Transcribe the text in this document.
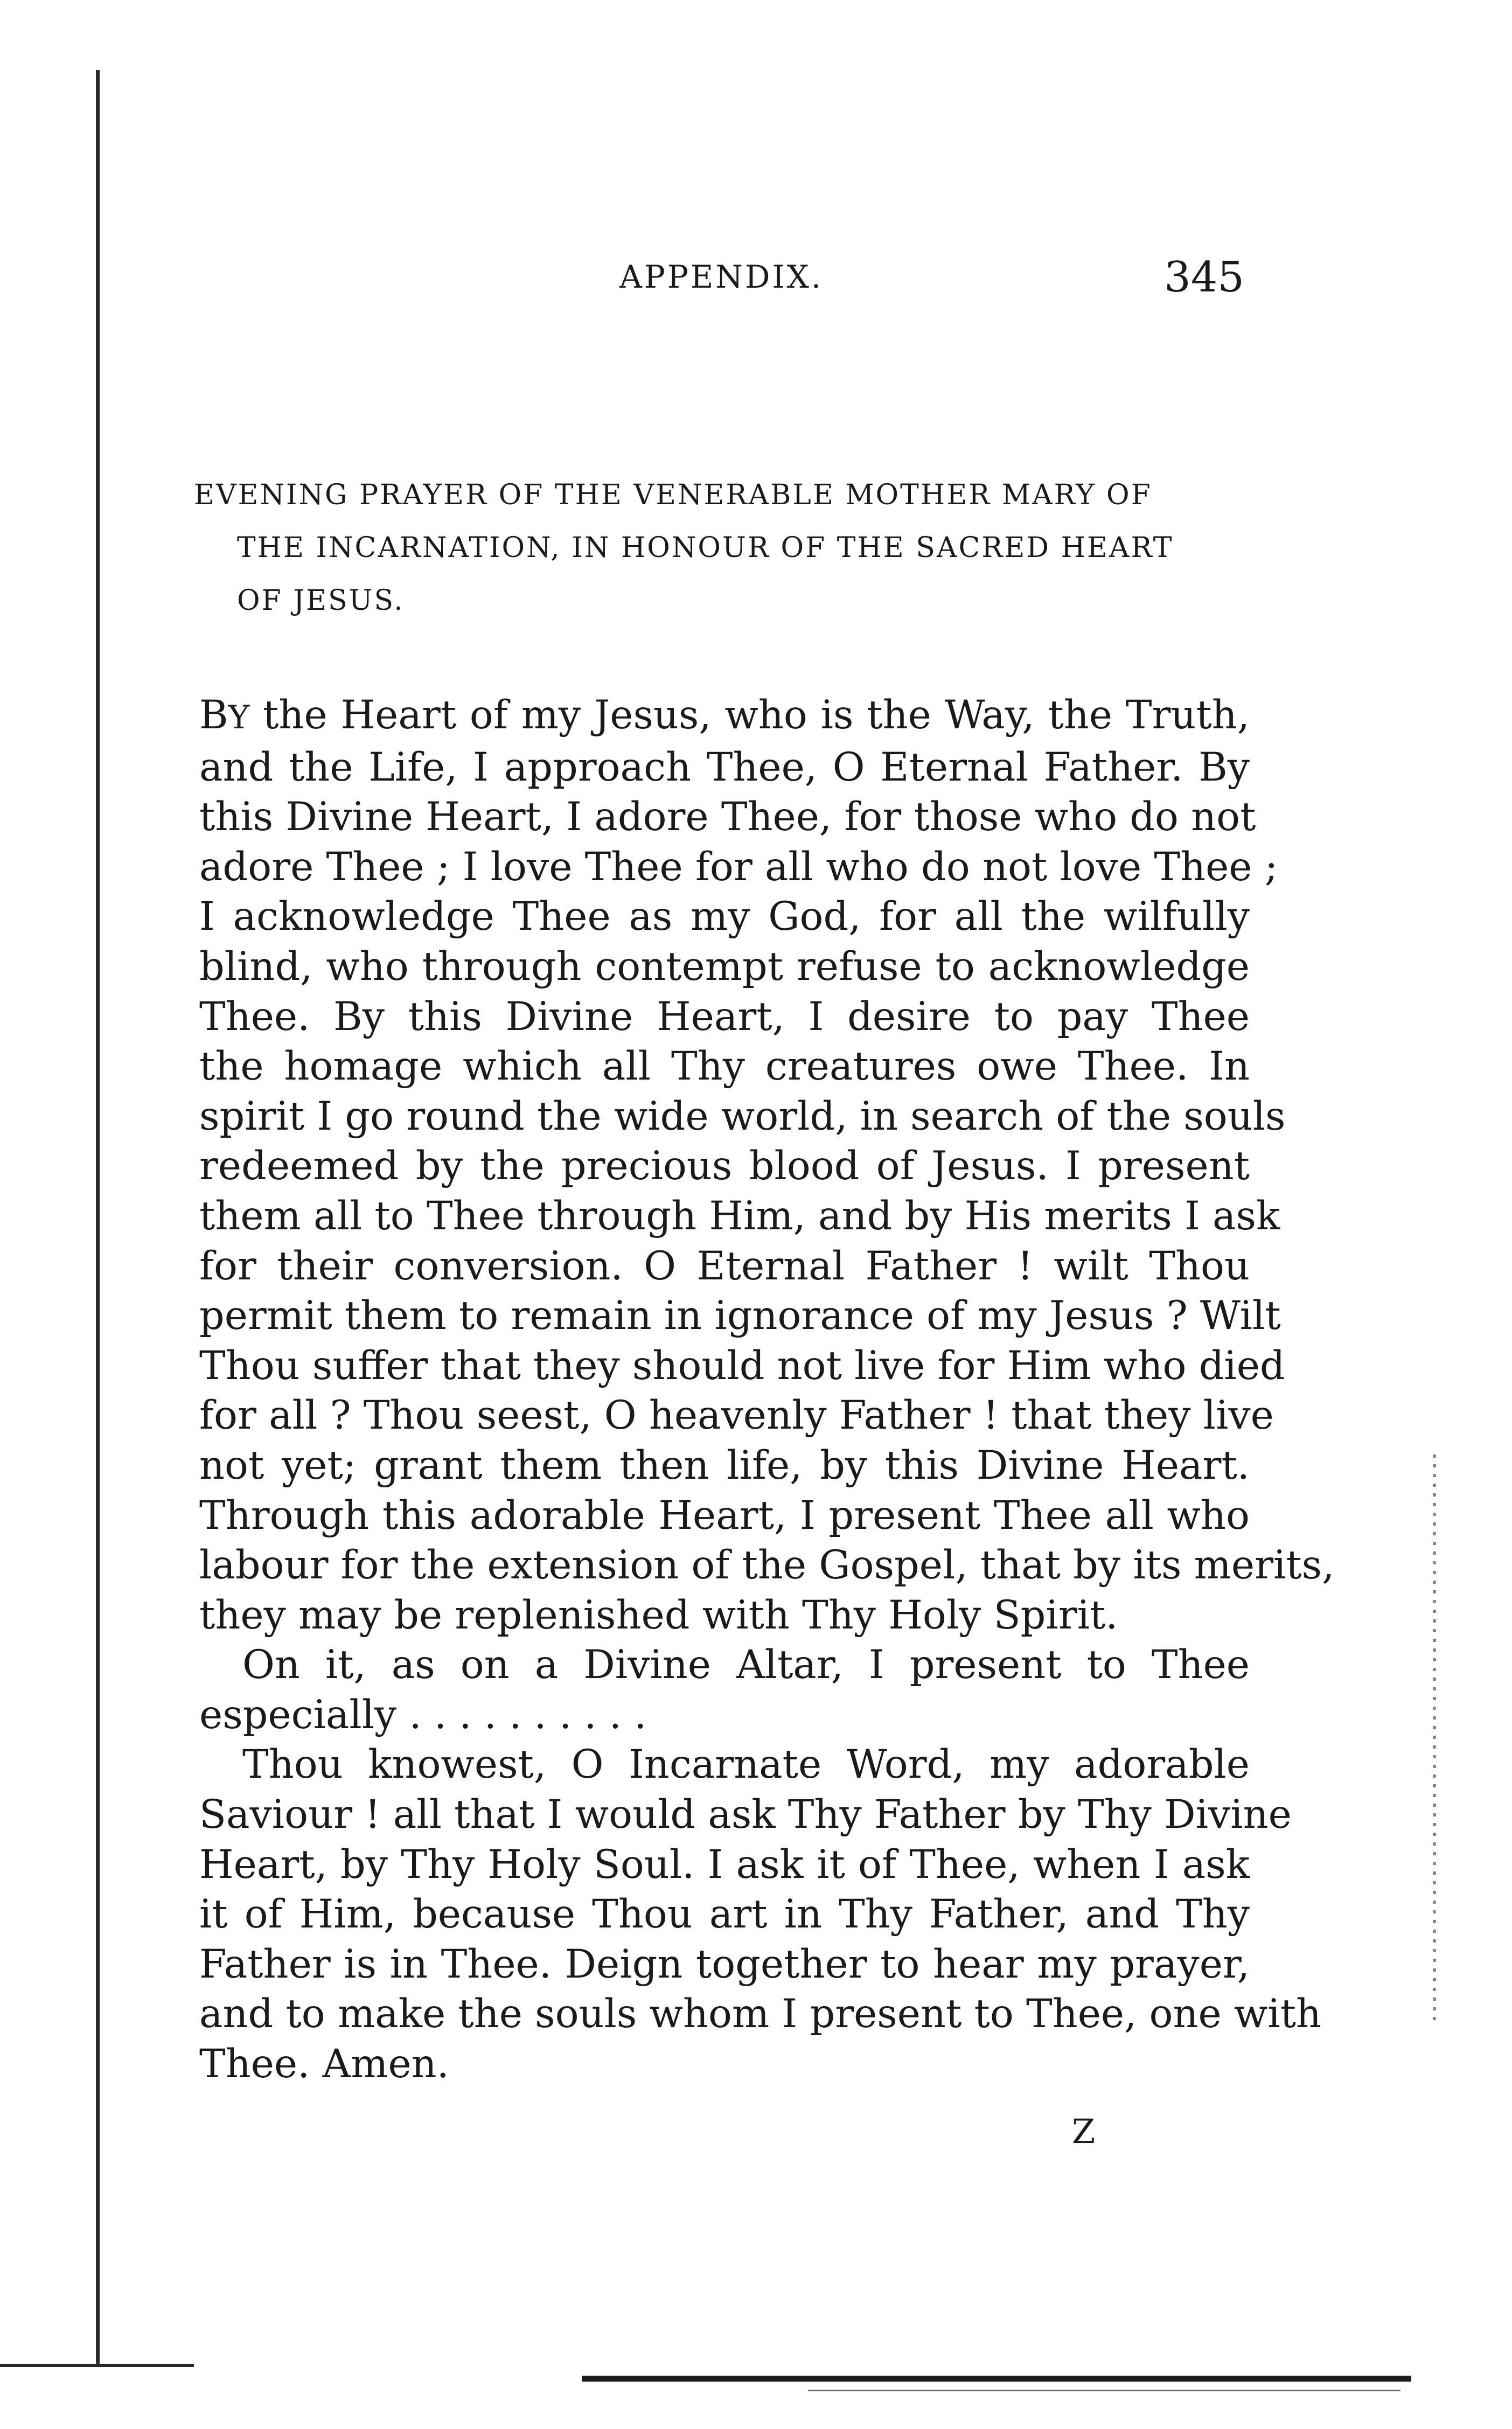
APPENDIX.	345
EVENING PRAYER OF THE VENERABLE MOTHER MARY OF
THE INCARNATION, IN HONOUR OF THE SACRED HEART
OF JESUS.
BY the Heart of my Jesus, who is the Way, the Truth,
and the Life, I approach Thee, O Eternal Father. By
this Divine Heart, I adore Thee, for those who do not
adore Thee ; I love Thee for all who do not love Thee ;
I acknowledge Thee as my God, for all the wilfully
blind, who through contempt refuse to acknowledge
Thee. By this Divine Heart, I desire to pay Thee
the homage which all Thy creatures owe Thee. In
spirit I go round the wide world, in search of the souls
redeemed by the precious blood of Jesus. I present
them all to Thee through Him, and by His merits I ask
for their conversion. O Eternal Father ! wilt Thou
permit them to remain in ignorance of my Jesus ? Wilt
Thou suffer that they should not live for Him who died
for all ? Thou seest, O heavenly Father ! that they live
not yet; grant them then life, by this Divine Heart.
Through this adorable Heart, I present Thee all who
labour for the extension of the Gospel, that by its merits,
they may be replenished with Thy Holy Spirit.
On it, as on a Divine Altar, I present to Thee
especially . . . . . . . . . .
Thou knowest, O Incarnate Word, my adorable
Saviour ! all that I would ask Thy Father by Thy Divine
Heart, by Thy Holy Soul. I ask it of Thee, when I ask
it of Him, because Thou art in Thy Father, and Thy
Father is in Thee. Deign together to hear my prayer,
and to make the souls whom I present to Thee, one with
Thee. Amen.
Z
